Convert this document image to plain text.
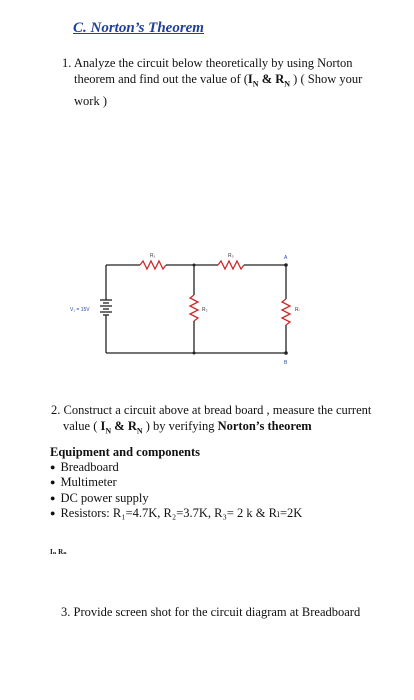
C. Norton’s Theorem
1. Analyze the circuit below theoretically by using Norton
theorem and find out the value of ($I_N$ & $R_N$ ) ( Show your
work )
V₁ = 15V
R₁	R₃
R₂	Rₗ
A
B
2. Construct a circuit above at bread board , measure the current
value ( $I_N$ & $R_N$ ) by verifying Norton’s theorem
Equipment and components
● Breadboard
● Multimeter
● DC power supply
● Resistors: R₁=4.7K, R₂=3.7K, R₃= 2 k & Rₗ=2K
Iₙ Rₙ
3. Provide screen shot for the circuit diagram at Breadboard
